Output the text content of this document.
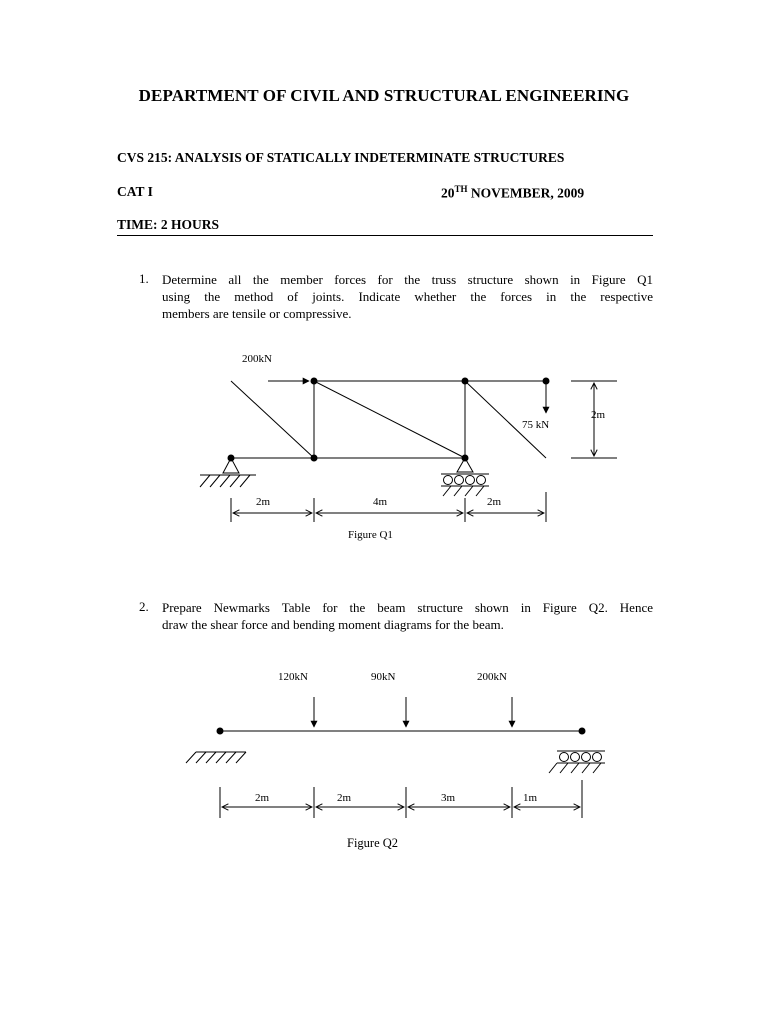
DEPARTMENT OF CIVIL AND STRUCTURAL ENGINEERING
CVS 215: ANALYSIS OF STATICALLY INDETERMINATE STRUCTURES
CAT I	20TH NOVEMBER, 2009
TIME: 2 HOURS
1. Determine all the member forces for the truss structure shown in Figure Q1
using the method of joints. Indicate whether the forces in the respective
members are tensile or compressive.
2. Prepare Newmarks Table for the beam structure shown in Figure Q2. Hence
draw the shear force and bending moment diagrams for the beam.
200kN
75 kN
2m
2m	4m	2m
Figure Q1
120kN	90kN	200kN
2m	2m	3m	1m
Figure Q2
